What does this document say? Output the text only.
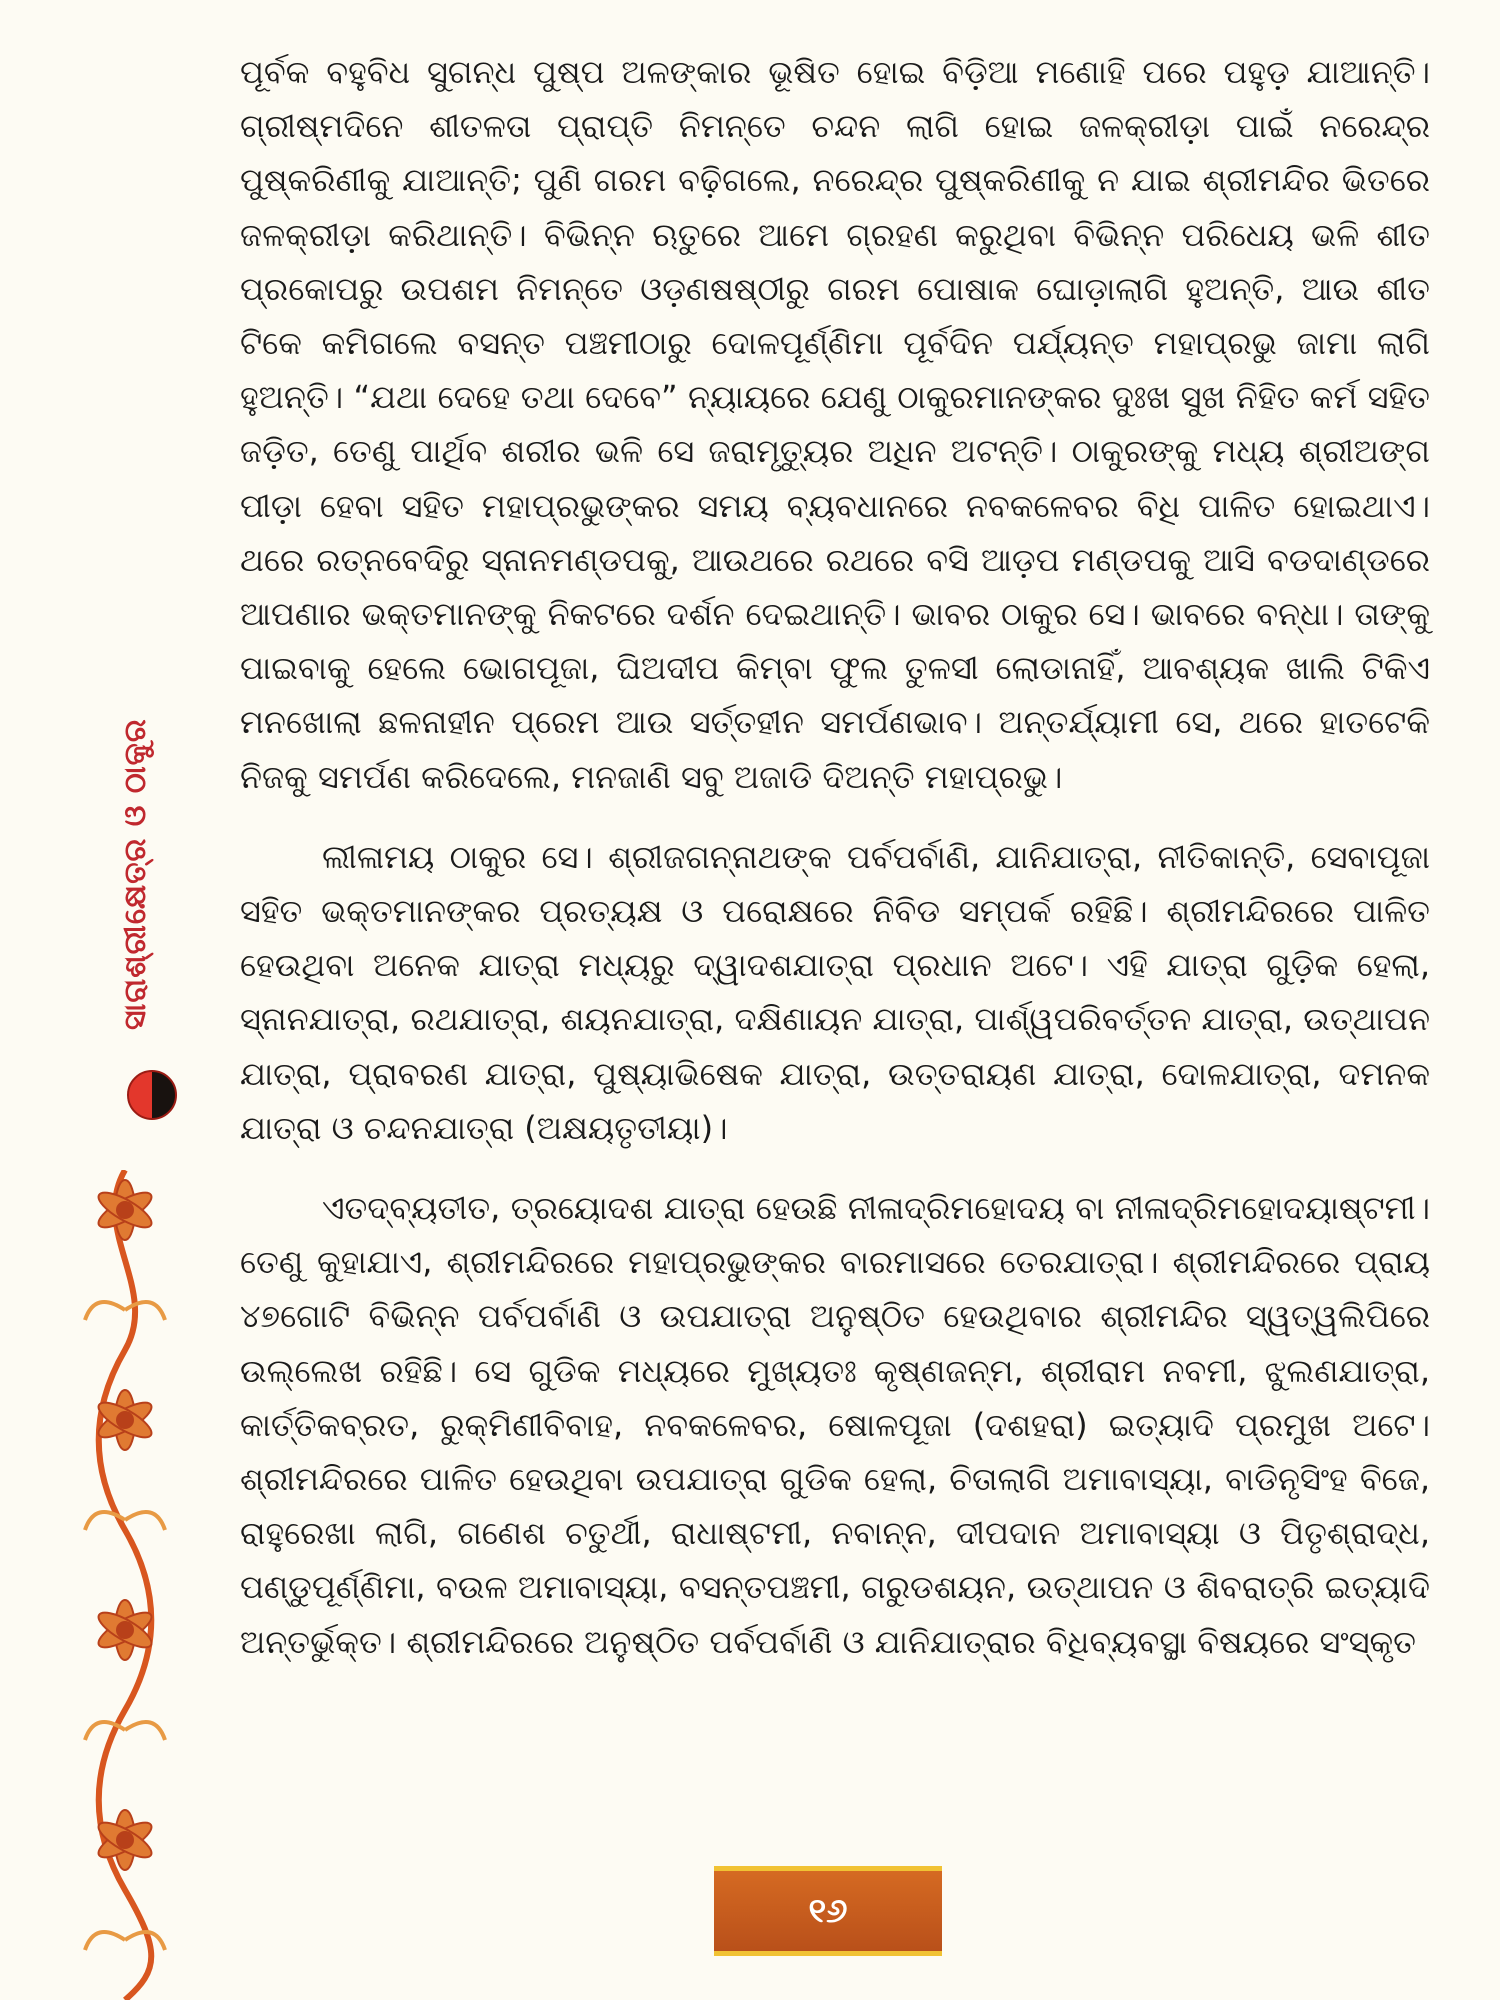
ସାରାଶ୍ରୀକ୍ଷେତ୍ର ଓ ଠାକୁର

ପୂର୍ବକ ବହୁବିଧ ସୁଗନ୍ଧ ପୁଷ୍ପ ଅଳଙ୍କାର ଭୂଷିତ ହୋଇ ବିଡ଼ିଆ ମଣୋହି ପରେ ପହୁଡ଼ ଯାଆନ୍ତି। ଗ୍ରୀଷ୍ମଦିନେ ଶୀତଳତା ପ୍ରାପ୍ତି ନିମନ୍ତେ ଚନ୍ଦନ ଲାଗି ହୋଇ ଜଳକ୍ରୀଡ଼ା ପାଇଁ ନରେନ୍ଦ୍ର ପୁଷ୍କରିଣୀକୁ ଯାଆନ୍ତି; ପୁଣି ଗରମ ବଢ଼ିଗଲେ, ନରେନ୍ଦ୍ର ପୁଷ୍କରିଣୀକୁ ନ ଯାଇ ଶ୍ରୀମନ୍ଦିର ଭିତରେ ଜଳକ୍ରୀଡ଼ା କରିଥାନ୍ତି। ବିଭିନ୍ନ ଋତୁରେ ଆମେ ଗ୍ରହଣ କରୁଥିବା ବିଭିନ୍ନ ପରିଧେୟ ଭଳି ଶୀତ ପ୍ରକୋପରୁ ଉପଶମ ନିମନ୍ତେ ଓଡ଼ଣଷଷ୍ଠୀରୁ ଗରମ ପୋଷାକ ଘୋଡ଼ାଲାଗି ହୁଅନ୍ତି, ଆଉ ଶୀତ ଟିକେ କମିଗଲେ ବସନ୍ତ ପଞ୍ଚମୀଠାରୁ ଦୋଳପୂର୍ଣ୍ଣିମା ପୂର୍ବଦିନ ପର୍ଯ୍ୟନ୍ତ ମହାପ୍ରଭୁ ଜାମା ଲାଗି ହୁଅନ୍ତି। “ଯଥା ଦେହେ ତଥା ଦେବେ” ନ୍ୟାୟରେ ଯେଣୁ ଠାକୁରମାନଙ୍କର ଦୁଃଖ ସୁଖ ନିହିତ କର୍ମ ସହିତ ଜଡ଼ିତ, ତେଣୁ ପାର୍ଥିବ ଶରୀର ଭଳି ସେ ଜରାମୃତ୍ୟୁର ଅଧିନ ଅଟନ୍ତି। ଠାକୁରଙ୍କୁ ମଧ୍ୟ ଶ୍ରୀଅଙ୍ଗ ପୀଡ଼ା ହେବା ସହିତ ମହାପ୍ରଭୁଙ୍କର ସମୟ ବ୍ୟବଧାନରେ ନବକଳେବର ବିଧି ପାଳିତ ହୋଇଥାଏ। ଥରେ ରତ୍ନବେଦିରୁ ସ୍ନାନମଣ୍ଡପକୁ, ଆଉଥରେ ରଥରେ ବସି ଆଡ଼ପ ମଣ୍ଡପକୁ ଆସି ବଡଦାଣ୍ଡରେ ଆପଣାର ଭକ୍ତମାନଙ୍କୁ ନିକଟରେ ଦର୍ଶନ ଦେଇଥାନ୍ତି। ଭାବର ଠାକୁର ସେ। ଭାବରେ ବନ୍ଧା। ତାଙ୍କୁ ପାଇବାକୁ ହେଲେ ଭୋଗପୂଜା, ଘିଅଦୀପ କିମ୍ବା ଫୁଲ ତୁଳସୀ ଲୋଡାନାହିଁ, ଆବଶ୍ୟକ ଖାଲି ଟିକିଏ ମନଖୋଲା ଛଳନାହୀନ ପ୍ରେମ ଆଉ ସର୍ତ୍ତହୀନ ସମର୍ପଣଭାବ। ଅନ୍ତର୍ଯ୍ୟାମୀ ସେ, ଥରେ ହାତଟେକି ନିଜକୁ ସମର୍ପଣ କରିଦେଲେ, ମନଜାଣି ସବୁ ଅଜାଡି ଦିଅନ୍ତି ମହାପ୍ରଭୁ।

ଲୀଳାମୟ ଠାକୁର ସେ। ଶ୍ରୀଜଗନ୍ନାଥଙ୍କ ପର୍ବପର୍ବାଣି, ଯାନିଯାତ୍ରା, ନୀତିକାନ୍ତି, ସେବାପୂଜା ସହିତ ଭକ୍ତମାନଙ୍କର ପ୍ରତ୍ୟକ୍ଷ ଓ ପରୋକ୍ଷରେ ନିବିଡ ସମ୍ପର୍କ ରହିଛି। ଶ୍ରୀମନ୍ଦିରରେ ପାଳିତ ହେଉଥିବା ଅନେକ ଯାତ୍ରା ମଧ୍ୟରୁ ଦ୍ୱାଦଶଯାତ୍ରା ପ୍ରଧାନ ଅଟେ। ଏହି ଯାତ୍ରା ଗୁଡ଼ିକ ହେଲା, ସ୍ନାନଯାତ୍ରା, ରଥଯାତ୍ରା, ଶୟନଯାତ୍ରା, ଦକ୍ଷିଣାୟନ ଯାତ୍ରା, ପାର୍ଶ୍ୱପରିବର୍ତ୍ତନ ଯାତ୍ରା, ଉତ୍‌ଥାପନ ଯାତ୍ରା, ପ୍ରାବରଣ ଯାତ୍ରା, ପୁଷ୍ୟାଭିଷେକ ଯାତ୍ରା, ଉତ୍ତରାୟଣ ଯାତ୍ରା, ଦୋଳଯାତ୍ରା, ଦମନକ ଯାତ୍ରା ଓ ଚନ୍ଦନଯାତ୍ରା (ଅକ୍ଷୟତୃତୀୟା)।

ଏତଦ୍‌ବ୍ୟତୀତ, ତ୍ରୟୋଦଶ ଯାତ୍ରା ହେଉଛି ନୀଳାଦ୍ରିମହୋଦୟ ବା ନୀଳାଦ୍ରିମହୋଦୟାଷ୍ଟମୀ। ତେଣୁ କୁହାଯାଏ, ଶ୍ରୀମନ୍ଦିରରେ ମହାପ୍ରଭୁଙ୍କର ବାରମାସରେ ତେରଯାତ୍ରା। ଶ୍ରୀମନ୍ଦିରରେ ପ୍ରାୟ ୪୭ଗୋଟି ବିଭିନ୍ନ ପର୍ବପର୍ବାଣି ଓ ଉପଯାତ୍ରା ଅନୁଷ୍ଠିତ ହେଉଥିବାର ଶ୍ରୀମନ୍ଦିର ସ୍ୱତ୍ୱଲିପିରେ ଉଲ୍ଲେଖ ରହିଛି। ସେ ଗୁଡିକ ମଧ୍ୟରେ ମୁଖ୍ୟତଃ କୃଷ୍ଣଜନ୍ମ, ଶ୍ରୀରାମ ନବମୀ, ଝୁଲଣଯାତ୍ରା, କାର୍ତ୍ତିକବ୍ରତ, ରୁକ୍ମିଣୀବିବାହ, ନବକଳେବର, ଷୋଳପୂଜା (ଦଶହରା) ଇତ୍ୟାଦି ପ୍ରମୁଖ ଅଟେ। ଶ୍ରୀମନ୍ଦିରରେ ପାଳିତ ହେଉଥିବା ଉପଯାତ୍ରା ଗୁଡିକ ହେଲା, ଚିତାଲାଗି ଅମାବାସ୍ୟା, ବାଡିନୃସିଂହ ବିଜେ, ରାହୁରେଖା ଲାଗି, ଗଣେଶ ଚତୁର୍ଥୀ, ରାଧାଷ୍ଟମୀ, ନବାନ୍ନ, ଦୀପଦାନ ଅମାବାସ୍ୟା ଓ ପିତୃଶ୍ରାଦ୍ଧ, ପଣ୍ଡୁପୂର୍ଣ୍ଣିମା, ବଉଳ ଅମାବାସ୍ୟା, ବସନ୍ତପଞ୍ଚମୀ, ଗରୁଡଶୟନ, ଉତ୍‌ଥାପନ ଓ ଶିବରାତ୍ରି ଇତ୍ୟାଦି ଅନ୍ତର୍ଭୁକ୍ତ। ଶ୍ରୀମନ୍ଦିରରେ ଅନୁଷ୍ଠିତ ପର୍ବପର୍ବାଣି ଓ ଯାନିଯାତ୍ରାର ବିଧିବ୍ୟବସ୍ଥା ବିଷୟରେ ସଂସ୍କୃତ

୧୬
